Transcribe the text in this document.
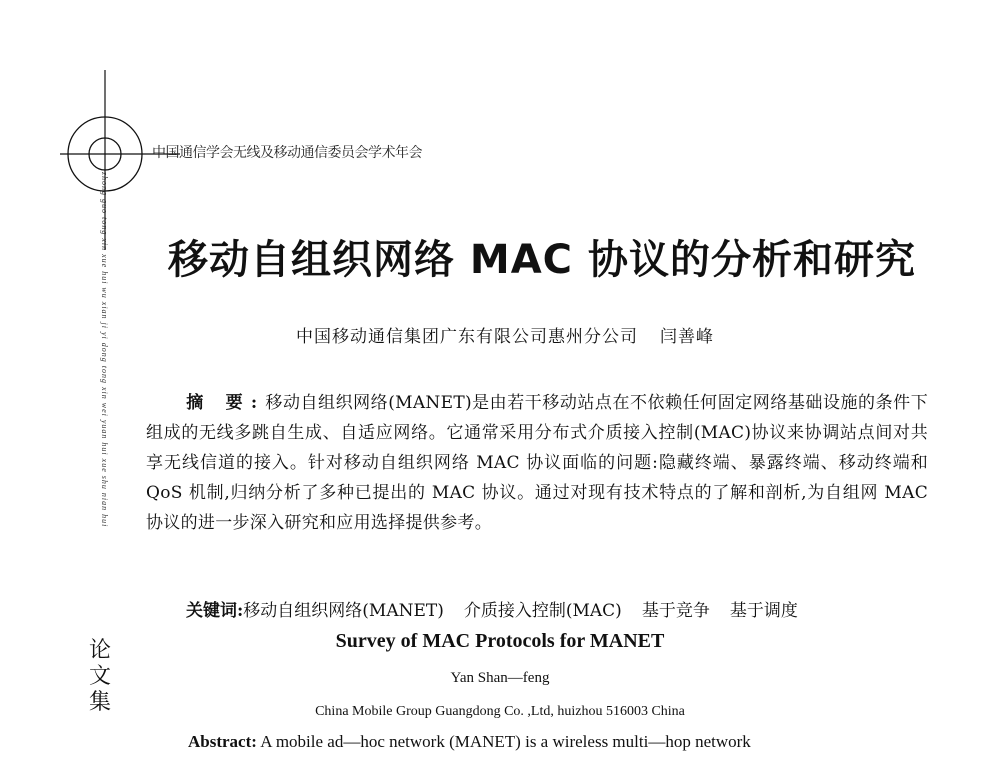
中国通信学会无线及移动通信委员会学术年会
zhong guo tong xin xue hui wu xian ji yi dong tong xin wei yuan hui xue shu nian hui
论
文
集
移动自组织网络 MAC 协议的分析和研究
中国移动通信集团广东有限公司惠州分公司 闫善峰
摘 要:移动自组织网络(MANET)是由若干移动站点在不依赖任何固定网络基础设施的条件下组成的无线多跳自生成、自适应网络。它通常采用分布式介质接入控制(MAC)协议来协调站点间对共享无线信道的接入。针对移动自组织网络 MAC 协议面临的问题:隐藏终端、暴露终端、移动终端和 QoS 机制,归纳分析了多种已提出的 MAC 协议。通过对现有技术特点的了解和剖析,为自组网 MAC 协议的进一步深入研究和应用选择提供参考。
关键词:移动自组织网络(MANET) 介质接入控制(MAC) 基于竞争 基于调度
Survey of MAC Protocols for MANET
Yan Shan—feng
China Mobile Group Guangdong Co. ,Ltd, huizhou 516003 China
Abstract: A mobile ad—hoc network (MANET) is a wireless multi—hop network
